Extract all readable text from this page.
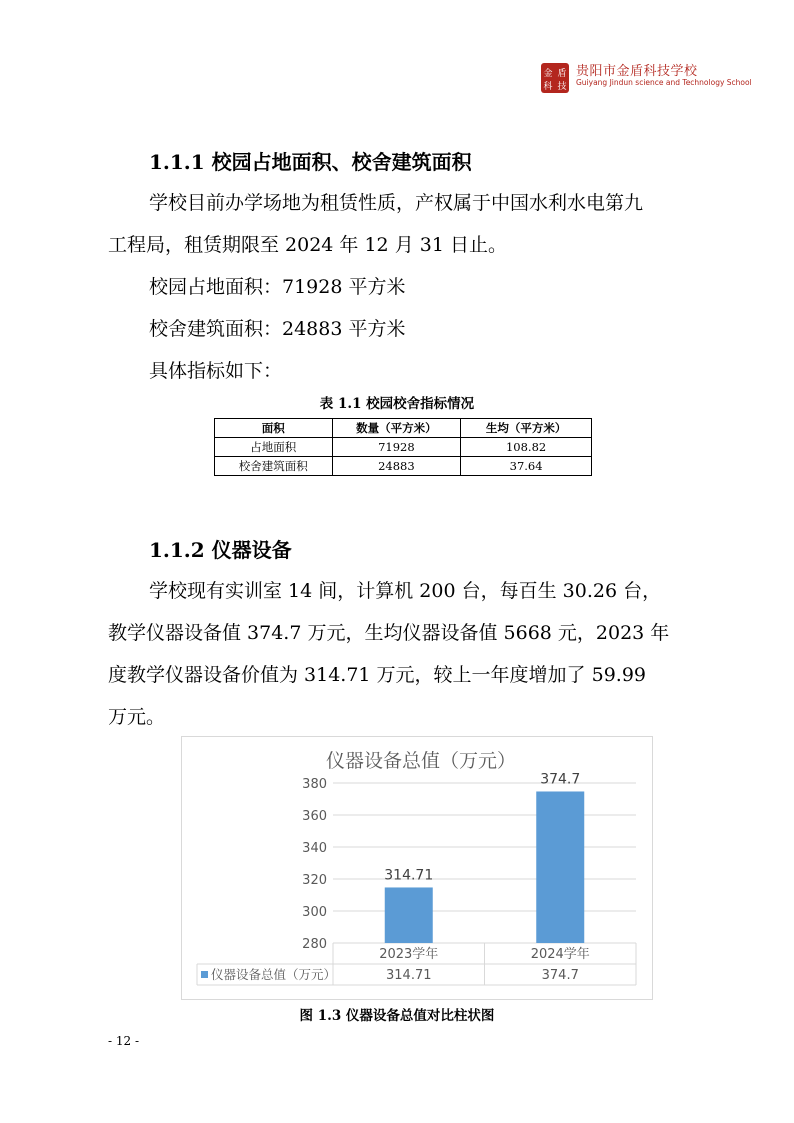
金 盾
科 技
贵阳市金盾科技学校
Guiyang Jindun science and Technology School
1.1.1 校园占地面积、校舍建筑面积
学校目前办学场地为租赁性质，产权属于中国水利水电第九
工程局，租赁期限至 2024 年 12 月 31 日止。
校园占地面积：71928 平方米
校舍建筑面积：24883 平方米
具体指标如下：
表 1.1 校园校舍指标情况
面积	数量（平方米）	生均（平方米）
占地面积	71928	108.82
校舍建筑面积	24883	37.64
1.1.2 仪器设备
学校现有实训室 14 间，计算机 200 台，每百生 30.26 台，
教学仪器设备值 374.7 万元，生均仪器设备值 5668 元，2023 年
度教学仪器设备价值为 314.71 万元，较上一年度增加了 59.99
万元。
仪器设备总值（万元）
280
300
320
340
360
380
314.71
374.7
2023学年
314.71
2024学年
374.7
仪器设备总值（万元）
图 1.3 仪器设备总值对比柱状图
- 12 -
